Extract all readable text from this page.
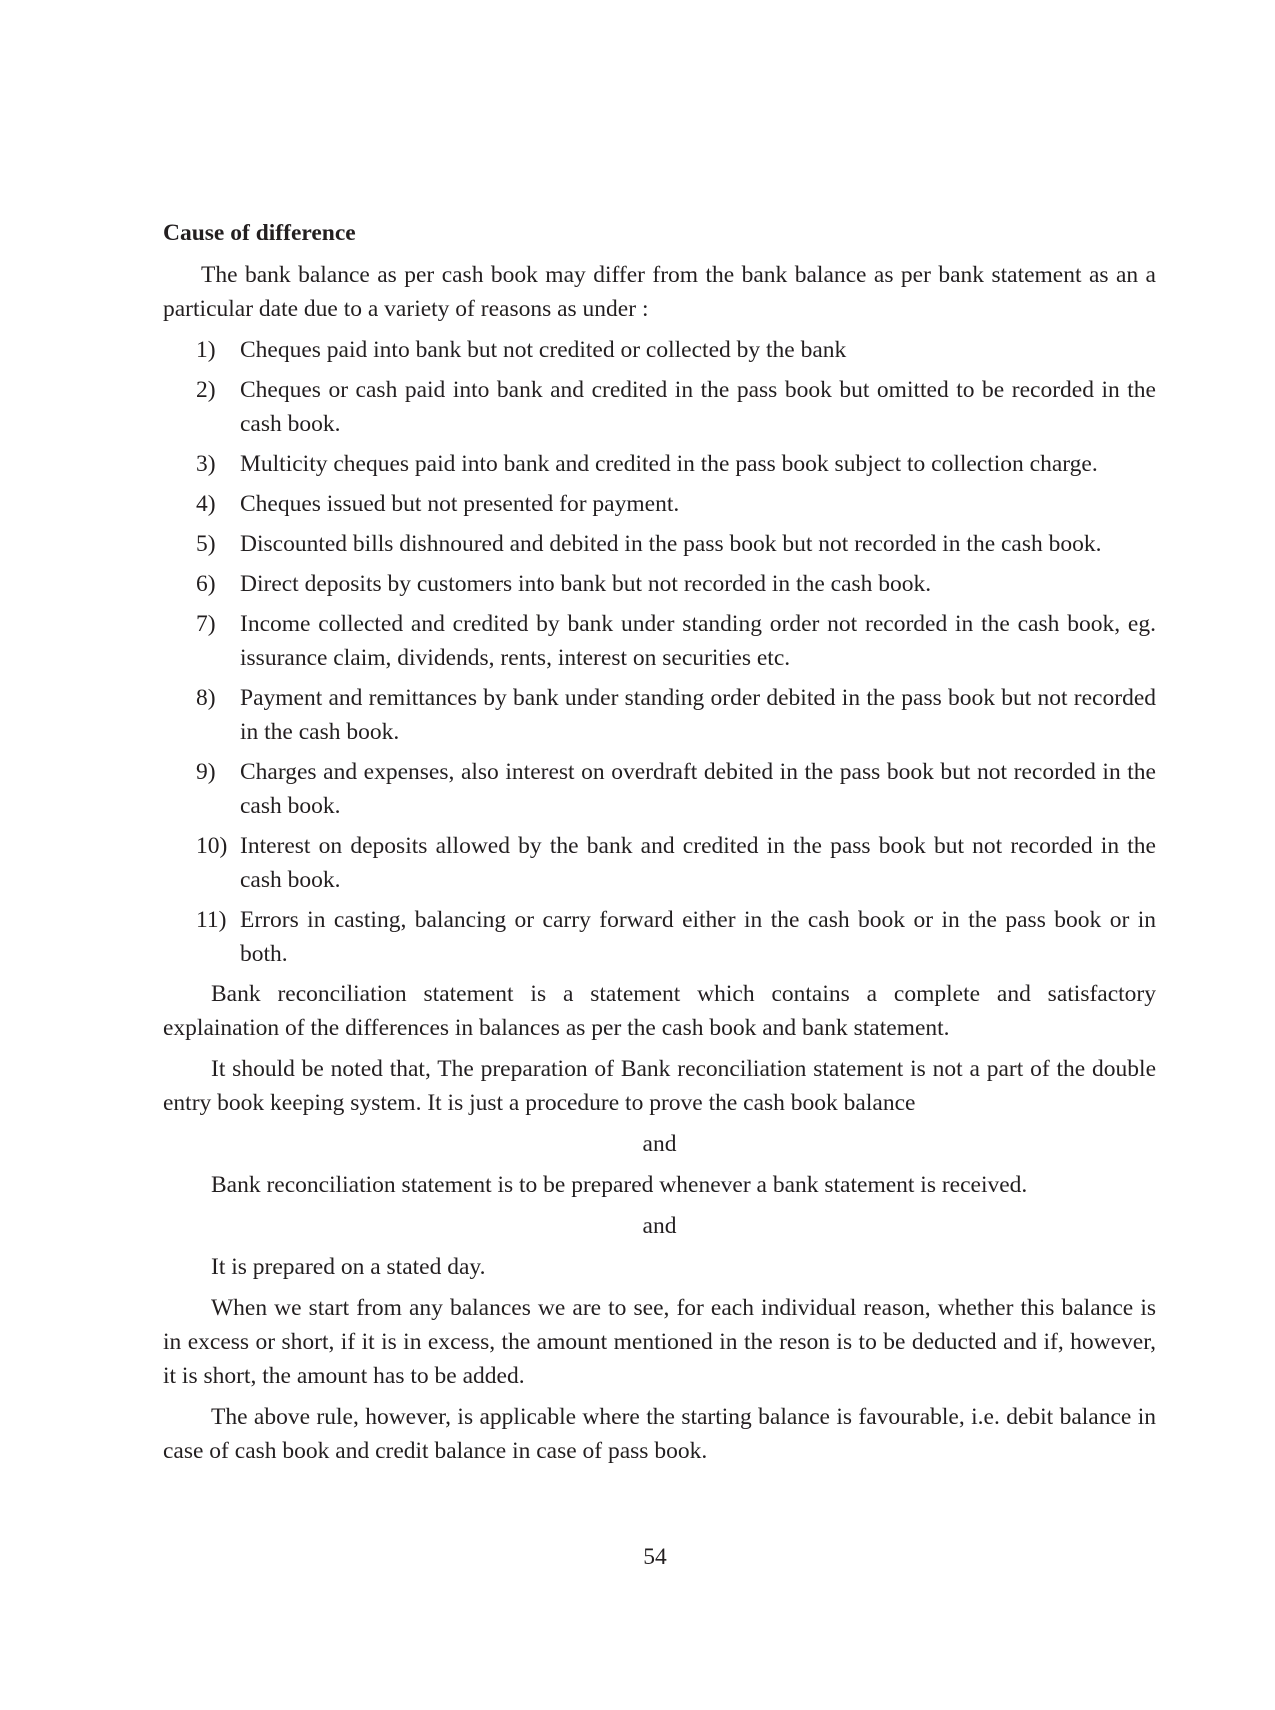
Cause of difference

The bank balance as per cash book may differ from the bank balance as per bank statement as an a particular date due to a variety of reasons as under :

1)	Cheques paid into bank but not credited or collected by the bank
2)	Cheques or cash paid into bank and credited in the pass book but omitted to be recorded in the cash book.
3)	Multicity cheques paid into bank and credited in the pass book subject to collection charge.
4)	Cheques issued but not presented for payment.
5)	Discounted bills dishnoured and debited in the pass book but not recorded in the cash book.
6)	Direct deposits by customers into bank but not recorded in the cash book.
7)	Income collected and credited by bank under standing order not recorded in the cash book, eg. issurance claim, dividends, rents, interest on securities etc.
8)	Payment and remittances by bank under standing order debited in the pass book but not recorded in the cash book.
9)	Charges and expenses, also interest on overdraft debited in the pass book but not recorded in the cash book.
10) Interest on deposits allowed by the bank and credited in the pass book but not recorded in the cash book.
11) Errors in casting, balancing or carry forward either in the cash book or in the pass book or in both.

Bank reconciliation statement is a statement which contains a complete and satisfactory explaination of the differences in balances as per the cash book and bank statement.

It should be noted that, The preparation of Bank reconciliation statement is not a part of the double entry book keeping system. It is just a procedure to prove the cash book balance

and

Bank reconciliation statement is to be prepared whenever a bank statement is received.

and

It is prepared on a stated day.

When we start from any balances we are to see, for each individual reason, whether this balance is in excess or short, if it is in excess, the amount mentioned in the reson is to be deducted and if, however, it is short, the amount has to be added.

The above rule, however, is applicable where the starting balance is favourable, i.e. debit balance in case of cash book and credit balance in case of pass book.

54
